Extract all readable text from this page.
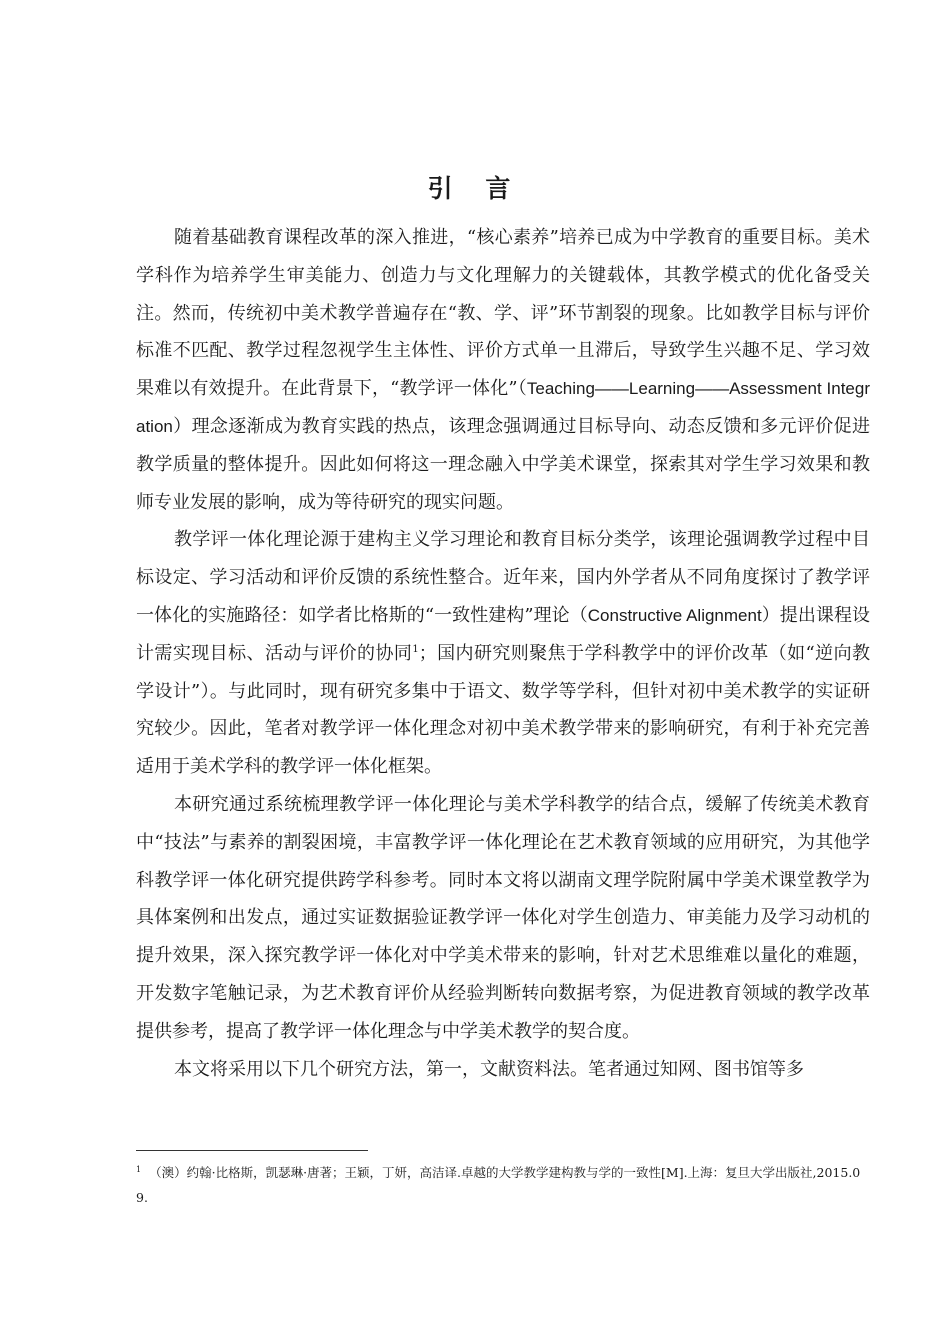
引 言

随着基础教育课程改革的深入推进，“核心素养”培养已成为中学教育的重要目标。美术学科作为培养学生审美能力、创造力与文化理解力的关键载体，其教学模式的优化备受关注。然而，传统初中美术教学普遍存在“教、学、评”环节割裂的现象。比如教学目标与评价标准不匹配、教学过程忽视学生主体性、评价方式单一且滞后，导致学生兴趣不足、学习效果难以有效提升。在此背景下，“教学评一体化”（Teaching——Learning——Assessment Integration）理念逐渐成为教育实践的热点，该理念强调通过目标导向、动态反馈和多元评价促进教学质量的整体提升。因此如何将这一理念融入中学美术课堂，探索其对学生学习效果和教师专业发展的影响，成为等待研究的现实问题。

教学评一体化理论源于建构主义学习理论和教育目标分类学，该理论强调教学过程中目标设定、学习活动和评价反馈的系统性整合。近年来，国内外学者从不同角度探讨了教学评一体化的实施路径：如学者比格斯的“一致性建构”理论（Constructive Alignment）提出课程设计需实现目标、活动与评价的协同$^1$；国内研究则聚焦于学科教学中的评价改革（如“逆向教学设计”）。与此同时，现有研究多集中于语文、数学等学科，但针对初中美术教学的实证研究较少。因此，笔者对教学评一体化理念对初中美术教学带来的影响研究，有利于补充完善适用于美术学科的教学评一体化框架。

本研究通过系统梳理教学评一体化理论与美术学科教学的结合点，缓解了传统美术教育中“技法”与素养的割裂困境，丰富教学评一体化理论在艺术教育领域的应用研究，为其他学科教学评一体化研究提供跨学科参考。同时本文将以湖南文理学院附属中学美术课堂教学为具体案例和出发点，通过实证数据验证教学评一体化对学生创造力、审美能力及学习动机的提升效果，深入探究教学评一体化对中学美术带来的影响，针对艺术思维难以量化的难题，开发数字笔触记录，为艺术教育评价从经验判断转向数据考察，为促进教育领域的教学改革提供参考，提高了教学评一体化理念与中学美术教学的契合度。

本文将采用以下几个研究方法，第一，文献资料法。笔者通过知网、图书馆等多

$^1$ （澳）约翰·比格斯，凯瑟琳·唐著；王颖，丁妍，高洁译.卓越的大学教学建构教与学的一致性[M].上海：复旦大学出版社,2015.09.
